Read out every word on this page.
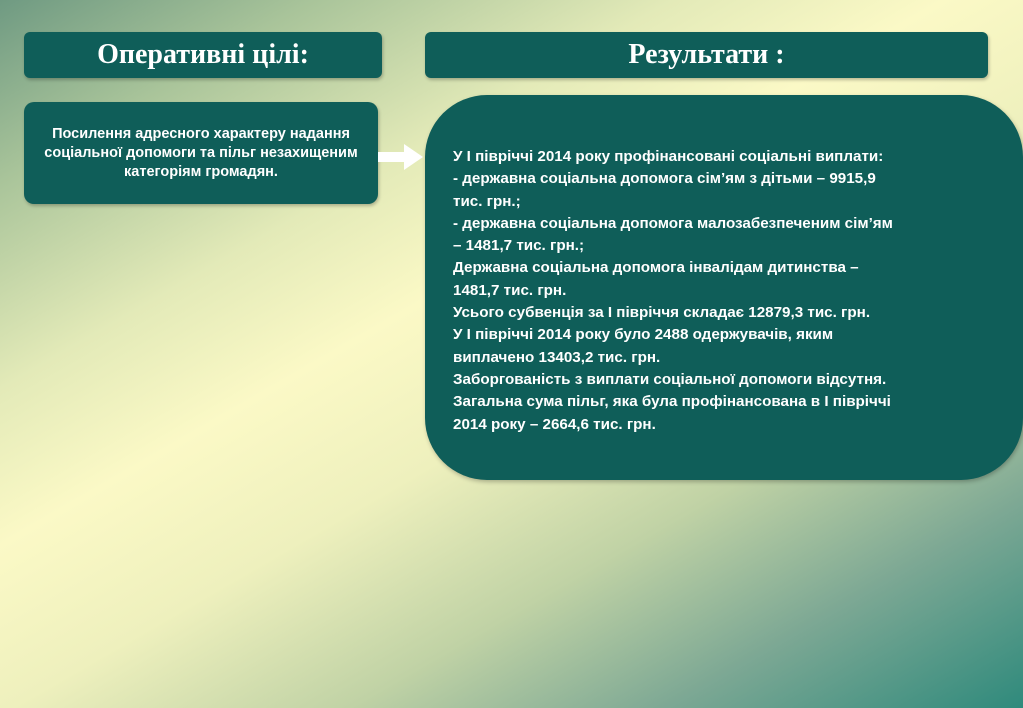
Оперативні цілі:	Результати :
Посилення адресного характеру надання соціальної допомоги та пільг незахищеним категоріям громадян.
У І півріччі 2014 року профінансовані соціальні виплати:
- державна соціальна допомога сім’ям з дітьми – 9915,9
тис. грн.;
- державна соціальна допомога малозабезпеченим сім’ям
– 1481,7 тис. грн.;
Державна соціальна допомога інвалідам дитинства –
1481,7 тис. грн.
Усього субвенція за І півріччя складає 12879,3 тис. грн.
У І півріччі 2014 року було 2488 одержувачів, яким
виплачено 13403,2 тис. грн.
Заборгованість з виплати соціальної допомоги відсутня.
Загальна сума пільг, яка була профінансована в І півріччі
2014 року – 2664,6 тис. грн.
